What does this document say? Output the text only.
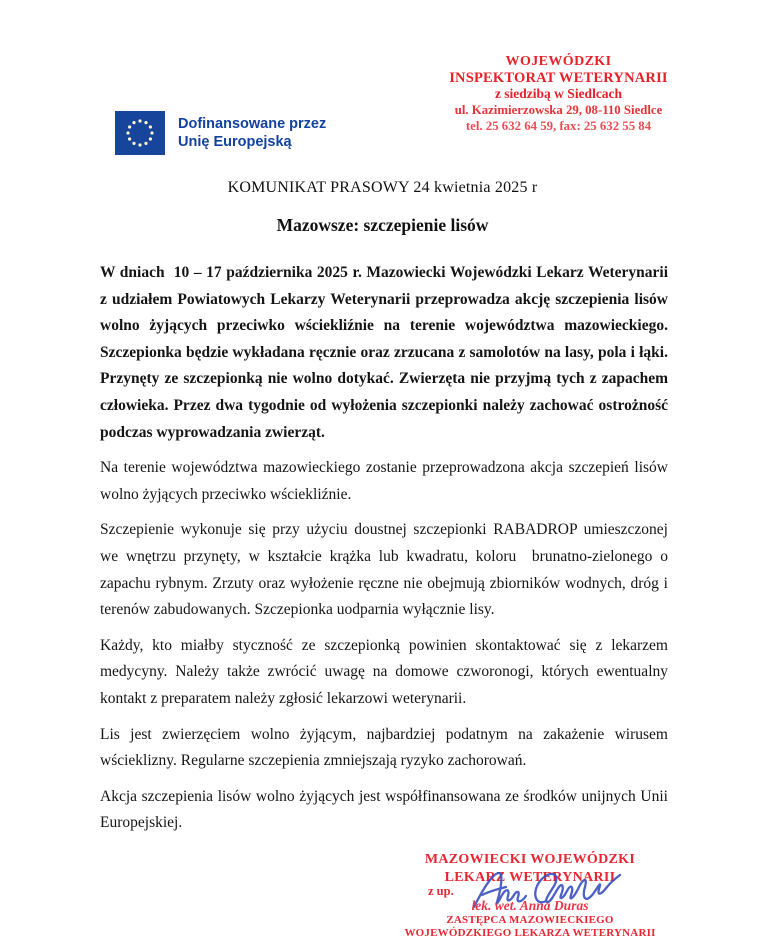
WOJEWÓDZKI
INSPEKTORAT WETERYNARII
z siedzibą w Siedlcach
ul. Kazimierzowska 29, 08-110 Siedlce
tel. 25 632 64 59, fax: 25 632 55 84
Dofinansowane przez
Unię Europejską
KOMUNIKAT PRASOWY 24 kwietnia 2025 r
Mazowsze: szczepienie lisów

W dniach  10 – 17 października 2025 r. Mazowiecki Wojewódzki Lekarz Weterynarii z udziałem Powiatowych Lekarzy Weterynarii przeprowadza akcję szczepienia lisów wolno żyjących przeciwko wściekliźnie na terenie województwa mazowieckiego. Szczepionka będzie wykładana ręcznie oraz zrzucana z samolotów na lasy, pola i łąki. Przynęty ze szczepionką nie wolno dotykać. Zwierzęta nie przyjmą tych z zapachem człowieka. Przez dwa tygodnie od wyłożenia szczepionki należy zachować ostrożność podczas wyprowadzania zwierząt.

Na terenie województwa mazowieckiego zostanie przeprowadzona akcja szczepień lisów wolno żyjących przeciwko wściekliźnie.

Szczepienie wykonuje się przy użyciu doustnej szczepionki RABADROP umieszczonej we wnętrzu przynęty, w kształcie krążka lub kwadratu, koloru  brunatno-zielonego o zapachu rybnym. Zrzuty oraz wyłożenie ręczne nie obejmują zbiorników wodnych, dróg i terenów zabudowanych. Szczepionka uodparnia wyłącznie lisy.

Każdy, kto miałby styczność ze szczepionką powinien skontaktować się z lekarzem medycyny. Należy także zwrócić uwagę na domowe czworonogi, których ewentualny kontakt z preparatem należy zgłosić lekarzowi weterynarii.

Lis jest zwierzęciem wolno żyjącym, najbardziej podatnym na zakażenie wirusem wścieklizny. Regularne szczepienia zmniejszają ryzyko zachorowań.

Akcja szczepienia lisów wolno żyjących jest współfinansowana ze środków unijnych Unii Europejskiej.

MAZOWIECKI WOJEWÓDZKI
LEKARZ WETERYNARII
z up.
lek. wet. Anna Duras
ZASTĘPCA MAZOWIECKIEGO
WOJEWÓDZKIEGO LEKARZA WETERYNARII
